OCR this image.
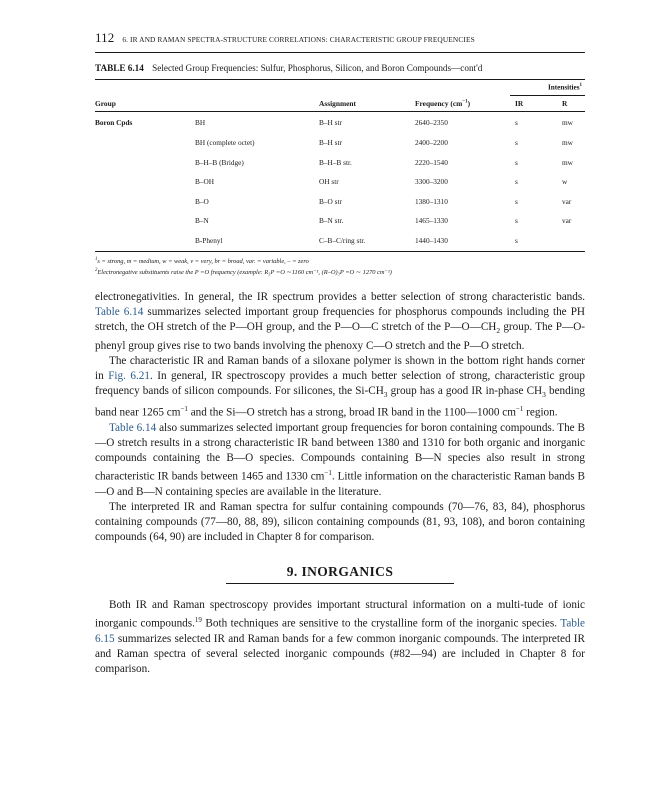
112 6. IR AND RAMAN SPECTRA-STRUCTURE CORRELATIONS: CHARACTERISTIC GROUP FREQUENCIES
TABLE 6.14 Selected Group Frequencies: Sulfur, Phosphorus, Silicon, and Boron Compounds—cont'd
Intensities$^1$
Group	Assignment	Frequency $(cm^{-1})$	IR	R
Boron Cpds	BH	B–H str	2640–2350	s	mw
BH (complete octet)	B–H str	2400–2200	s	mw
B–H–B (Bridge)	B–H–B str.	2220–1540	s	mw
B–OH	OH str	3300–3200	s	w
B–O	B–O str	1380–1310	s	var
B–N	B–N str.	1465–1330	s	var
B-Phenyl	C–B–C/ring str.	1440–1430	s
$^1$s = strong, m = medium, w = weak, v = very, br = broad, var. = variable, – = zero
$^2$Electronegative substituents raise the P =O frequency (example: R₃P =O ∼1160 cm⁻¹, (R–O)₃P =O ∼ 1270 cm⁻¹)

electronegativities. In general, the IR spectrum provides a better selection of strong characteristic bands. Table 6.14 summarizes selected important group frequencies for phosphorus compounds including the PH stretch, the OH stretch of the P—OH group, and the P—O—C stretch of the $P—O—CH_2$ group. The P—O-phenyl group gives rise to two bands involving the phenoxy C—O stretch and the P—O stretch.

The characteristic IR and Raman bands of a siloxane polymer is shown in the bottom right hands corner in Fig. 6.21. In general, IR spectroscopy provides a much better selection of strong, characteristic group frequency bands of silicon compounds. For silicones, the $Si-CH_3$ group has a good IR in-phase $CH_3$ bending band near 1265 cm$^{-1}$ and the Si—O stretch has a strong, broad IR band in the 1100—1000 cm$^{-1}$ region.

Table 6.14 also summarizes selected important group frequencies for boron containing compounds. The B—O stretch results in a strong characteristic IR band between 1380 and 1310 for both organic and inorganic compounds containing the B—O species. Compounds containing B—N species also result in strong characteristic IR bands between 1465 and 1330 cm$^{-1}$. Little information on the characteristic Raman bands B—O and B—N containing species are available in the literature.

The interpreted IR and Raman spectra for sulfur containing compounds (70—76, 83, 84), phosphorus containing compounds (77—80, 88, 89), silicon containing compounds (81, 93, 108), and boron containing compounds (64, 90) are included in Chapter 8 for comparison.

9. INORGANICS

Both IR and Raman spectroscopy provides important structural information on a multi-tude of ionic inorganic compounds.$^{19}$ Both techniques are sensitive to the crystalline form of the inorganic species. Table 6.15 summarizes selected IR and Raman bands for a few common inorganic compounds. The interpreted IR and Raman spectra of several selected inorganic compounds (#82—94) are included in Chapter 8 for comparison.
